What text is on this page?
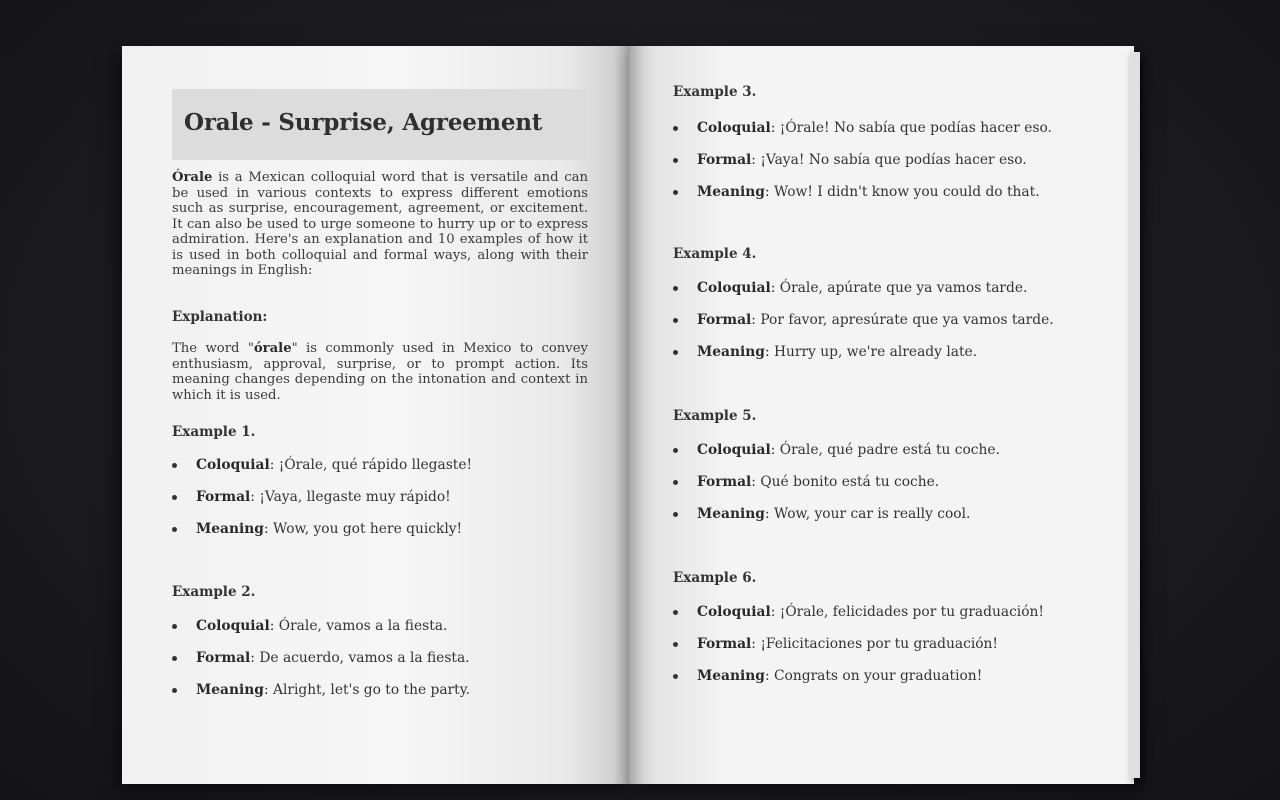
Orale - Surprise, Agreement

Órale is a Mexican colloquial word that is versatile and can be used in various contexts to express different emotions such as surprise, encouragement, agreement, or excitement. It can also be used to urge someone to hurry up or to express admiration. Here's an explanation and 10 examples of how it is used in both colloquial and formal ways, along with their meanings in English:

Explanation:

The word "órale" is commonly used in Mexico to convey enthusiasm, approval, surprise, or to prompt action. Its meaning changes depending on the intonation and context in which it is used.

Example 1.
Coloquial: ¡Órale, qué rápido llegaste!
Formal: ¡Vaya, llegaste muy rápido!
Meaning: Wow, you got here quickly!
Example 2.
Coloquial: Órale, vamos a la fiesta.
Formal: De acuerdo, vamos a la fiesta.
Meaning: Alright, let's go to the party.
Example 3.
Coloquial: ¡Órale! No sabía que podías hacer eso.
Formal: ¡Vaya! No sabía que podías hacer eso.
Meaning: Wow! I didn't know you could do that.
Example 4.
Coloquial: Órale, apúrate que ya vamos tarde.
Formal: Por favor, apresúrate que ya vamos tarde.
Meaning: Hurry up, we're already late.
Example 5.
Coloquial: Órale, qué padre está tu coche.
Formal: Qué bonito está tu coche.
Meaning: Wow, your car is really cool.
Example 6.
Coloquial: ¡Órale, felicidades por tu graduación!
Formal: ¡Felicitaciones por tu graduación!
Meaning: Congrats on your graduation!
